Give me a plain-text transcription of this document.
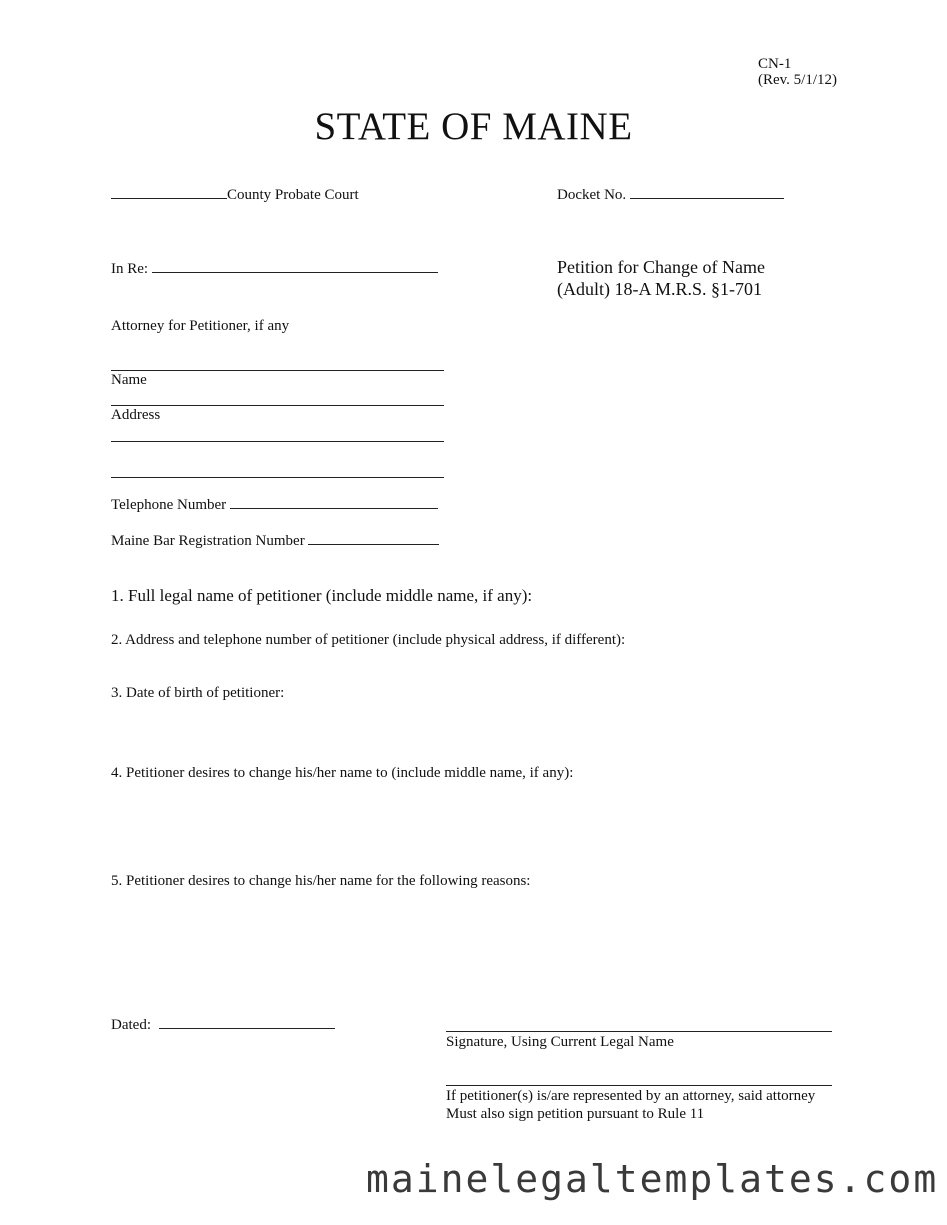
CN-1
(Rev. 5/1/12)
STATE OF MAINE
County Probate Court	Docket No.
In Re:	Petition for Change of Name
(Adult) 18-A M.R.S. §1-701
Attorney for Petitioner, if any
Name
Address
Telephone Number
Maine Bar Registration Number
1. Full legal name of petitioner (include middle name, if any):
2. Address and telephone number of petitioner (include physical address, if different):
3. Date of birth of petitioner:
4. Petitioner desires to change his/her name to (include middle name, if any):
5. Petitioner desires to change his/her name for the following reasons:
Dated:
Signature, Using Current Legal Name
If petitioner(s) is/are represented by an attorney, said attorney
Must also sign petition pursuant to Rule 11
mainelegaltemplates.com
